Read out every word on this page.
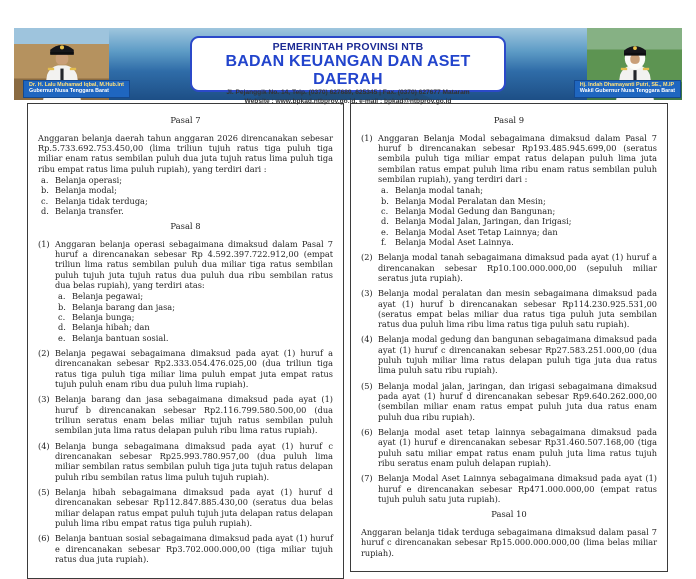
PEMERINTAH PROVINSI NTB
BADAN KEUANGAN DAN ASET DAERAH
Jl. Pejanggik No. 14, Telp. (0370) 627689, 625345 | Fax. (0370) 627677 Mataram
Website : www.bpkad.ntbprov.go.id, e-mail : bpkad@ntbprov.go.id
Dr. H. Lalu Muhamad Iqbal, M.Hub.Int
Gubernur Nusa Tenggara Barat
Hj. Indah Dhamayanti Putri, SE., M.IP
Wakil Gubernur Nusa Tenggara Barat
Pasal 7
Anggaran belanja daerah tahun anggaran 2026 direncanakan sebesar Rp.5.733.692.753.450,00 (lima triliun tujuh ratus tiga puluh tiga miliar enam ratus sembilan puluh dua juta tujuh ratus lima puluh tiga ribu empat ratus lima puluh rupiah), yang terdiri dari :
a. Belanja operasi;
b. Belanja modal;
c. Belanja tidak terduga;
d. Belanja transfer.
Pasal 8
(1) Anggaran belanja operasi sebagaimana dimaksud dalam Pasal 7 huruf a direncanakan sebesar Rp 4.592.397.722.912,00 (empat triliun lima ratus sembilan puluh dua miliar tiga ratus sembilan puluh tujuh juta tujuh ratus dua puluh dua ribu sembilan ratus dua belas rupiah), yang terdiri atas:
a. Belanja pegawai;
b. Belanja barang dan jasa;
c. Belanja bunga;
d. Belanja hibah; dan
e. Belanja bantuan sosial.
(2) Belanja pegawai sebagaimana dimaksud pada ayat (1) huruf a direncanakan sebesar Rp2.333.054.476.025,00 (dua triliun tiga ratus tiga puluh tiga miliar lima puluh empat juta empat ratus tujuh puluh enam ribu dua puluh lima rupiah).
(3) Belanja barang dan jasa sebagaimana dimaksud pada ayat (1) huruf b direncanakan sebesar Rp2.116.799.580.500,00 (dua triliun seratus enam belas miliar tujuh ratus sembilan puluh sembilan juta lima ratus delapan puluh ribu lima ratus rupiah).
(4) Belanja bunga sebagaimana dimaksud pada ayat (1) huruf c direncanakan sebesar Rp25.993.780.957,00 (dua puluh lima miliar sembilan ratus sembilan puluh tiga juta tujuh ratus delapan puluh ribu sembilan ratus lima puluh tujuh rupiah).
(5) Belanja hibah sebagaimana dimaksud pada ayat (1) huruf d direncanakan sebesar Rp112.847.885.430,00 (seratus dua belas miliar delapan ratus empat puluh tujuh juta delapan ratus delapan puluh lima ribu empat ratus tiga puluh rupiah).
(6) Belanja bantuan sosial sebagaimana dimaksud pada ayat (1) huruf e direncanakan sebesar Rp3.702.000.000,00 (tiga miliar tujuh ratus dua juta rupiah).
Pasal 9
(1) Anggaran Belanja Modal sebagaimana dimaksud dalam Pasal 7 huruf b direncanakan sebesar Rp193.485.945.699,00 (seratus sembila puluh tiga miliar empat ratus delapan puluh lima juta sembilan ratus empat puluh lima ribu enam ratus sembilan puluh sembilan rupiah), yang terdiri dari :
a. Belanja modal tanah;
b. Belanja Modal Peralatan dan Mesin;
c. Belanja Modal Gedung dan Bangunan;
d. Belanja Modal Jalan, Jaringan, dan Irigasi;
e. Belanja Modal Aset Tetap Lainnya; dan
f.	Belanja Modal Aset Lainnya.
(2) Belanja modal tanah sebagaimana dimaksud pada ayat (1) huruf a direncanakan sebesar Rp10.100.000.000,00 (sepuluh miliar seratus juta rupiah).
(3) Belanja modal peralatan dan mesin sebagaimana dimaksud pada ayat (1) huruf b direncanakan sebesar Rp114.230.925.531,00 (seratus empat belas miliar dua ratus tiga puluh juta sembilan ratus dua puluh lima ribu lima ratus tiga puluh satu rupiah).
(4) Belanja modal gedung dan bangunan sebagaimana dimaksud pada ayat (1) huruf c direncanakan sebesar Rp27.583.251.000,00 (dua puluh tujuh miliar lima ratus delapan puluh tiga juta dua ratus lima puluh satu ribu rupiah).
(5) Belanja modal jalan, jaringan, dan irigasi sebagaimana dimaksud pada ayat (1) huruf d direncanakan sebesar Rp9.640.262.000,00 (sembilan miliar enam ratus empat puluh juta dua ratus enam puluh dua ribu rupiah).
(6) Belanja modal aset tetap lainnya sebagaimana dimaksud pada ayat (1) huruf e direncanakan sebesar Rp31.460.507.168,00 (tiga puluh satu miliar empat ratus enam puluh juta lima ratus tujuh ribu seratus enam puluh delapan rupiah).
(7) Belanja Modal Aset Lainnya sebagaimana dimaksud pada ayat (1) huruf e direncanakan sebesar Rp471.000.000,00 (empat ratus tujuh puluh satu juta rupiah).
Pasal 10
Anggaran belanja tidak terduga sebagaimana dimaksud dalam pasal 7 huruf c direncanakan sebesar Rp15.000.000.000,00 (lima belas miliar rupiah).
